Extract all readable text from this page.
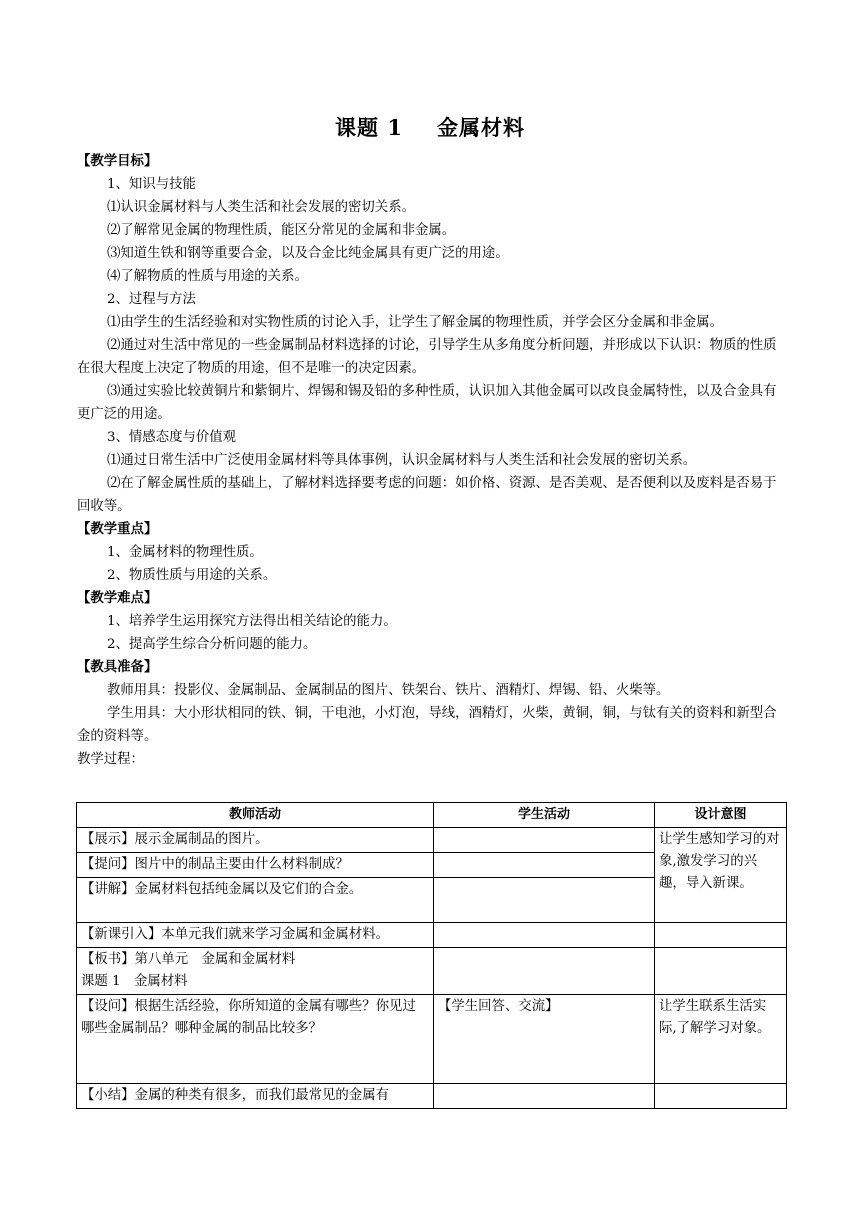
课题 1 金属材料

【教学目标】

1、知识与技能

⑴认识金属材料与人类生活和社会发展的密切关系。

⑵了解常见金属的物理性质，能区分常见的金属和非金属。

⑶知道生铁和钢等重要合金，以及合金比纯金属具有更广泛的用途。

⑷了解物质的性质与用途的关系。

2、过程与方法

⑴由学生的生活经验和对实物性质的讨论入手，让学生了解金属的物理性质，并学会区分金属和非金属。

⑵通过对生活中常见的一些金属制品材料选择的讨论，引导学生从多角度分析问题，并形成以下认识：物质的性质在很大程度上决定了物质的用途，但不是唯一的决定因素。

⑶通过实验比较黄铜片和紫铜片、焊锡和锡及铅的多种性质，认识加入其他金属可以改良金属特性，以及合金具有更广泛的用途。

3、情感态度与价值观

⑴通过日常生活中广泛使用金属材料等具体事例，认识金属材料与人类生活和社会发展的密切关系。

⑵在了解金属性质的基础上，了解材料选择要考虑的问题：如价格、资源、是否美观、是否便利以及废料是否易于回收等。

【教学重点】

1、金属材料的物理性质。

2、物质性质与用途的关系。

【教学难点】

1、培养学生运用探究方法得出相关结论的能力。

2、提高学生综合分析问题的能力。

【教具准备】

教师用具：投影仪、金属制品、金属制品的图片、铁架台、铁片、酒精灯、焊锡、铅、火柴等。

学生用具：大小形状相同的铁、铜，干电池，小灯泡，导线，酒精灯，火柴，黄铜，铜，与钛有关的资料和新型合金的资料等。

教学过程：

教师活动	学生活动	设计意图
【展示】展示金属制品的图片。		让学生感知学习的对象,激发学习的兴趣，导入新课。
【提问】图片中的制品主要由什么材料制成？		
【讲解】金属材料包括纯金属以及它们的合金。		
【新课引入】本单元我们就来学习金属和金属材料。		

【板书】第八单元　金属和金属材料
课题 1　金属材料		

【设问】根据生活经验，你所知道的金属有哪些？你见过哪些金属制品？哪种金属的制品比较多？	【学生回答、交流】	让学生联系生活实际,了解学习对象。
【小结】金属的种类有很多，而我们最常见的金属有		
